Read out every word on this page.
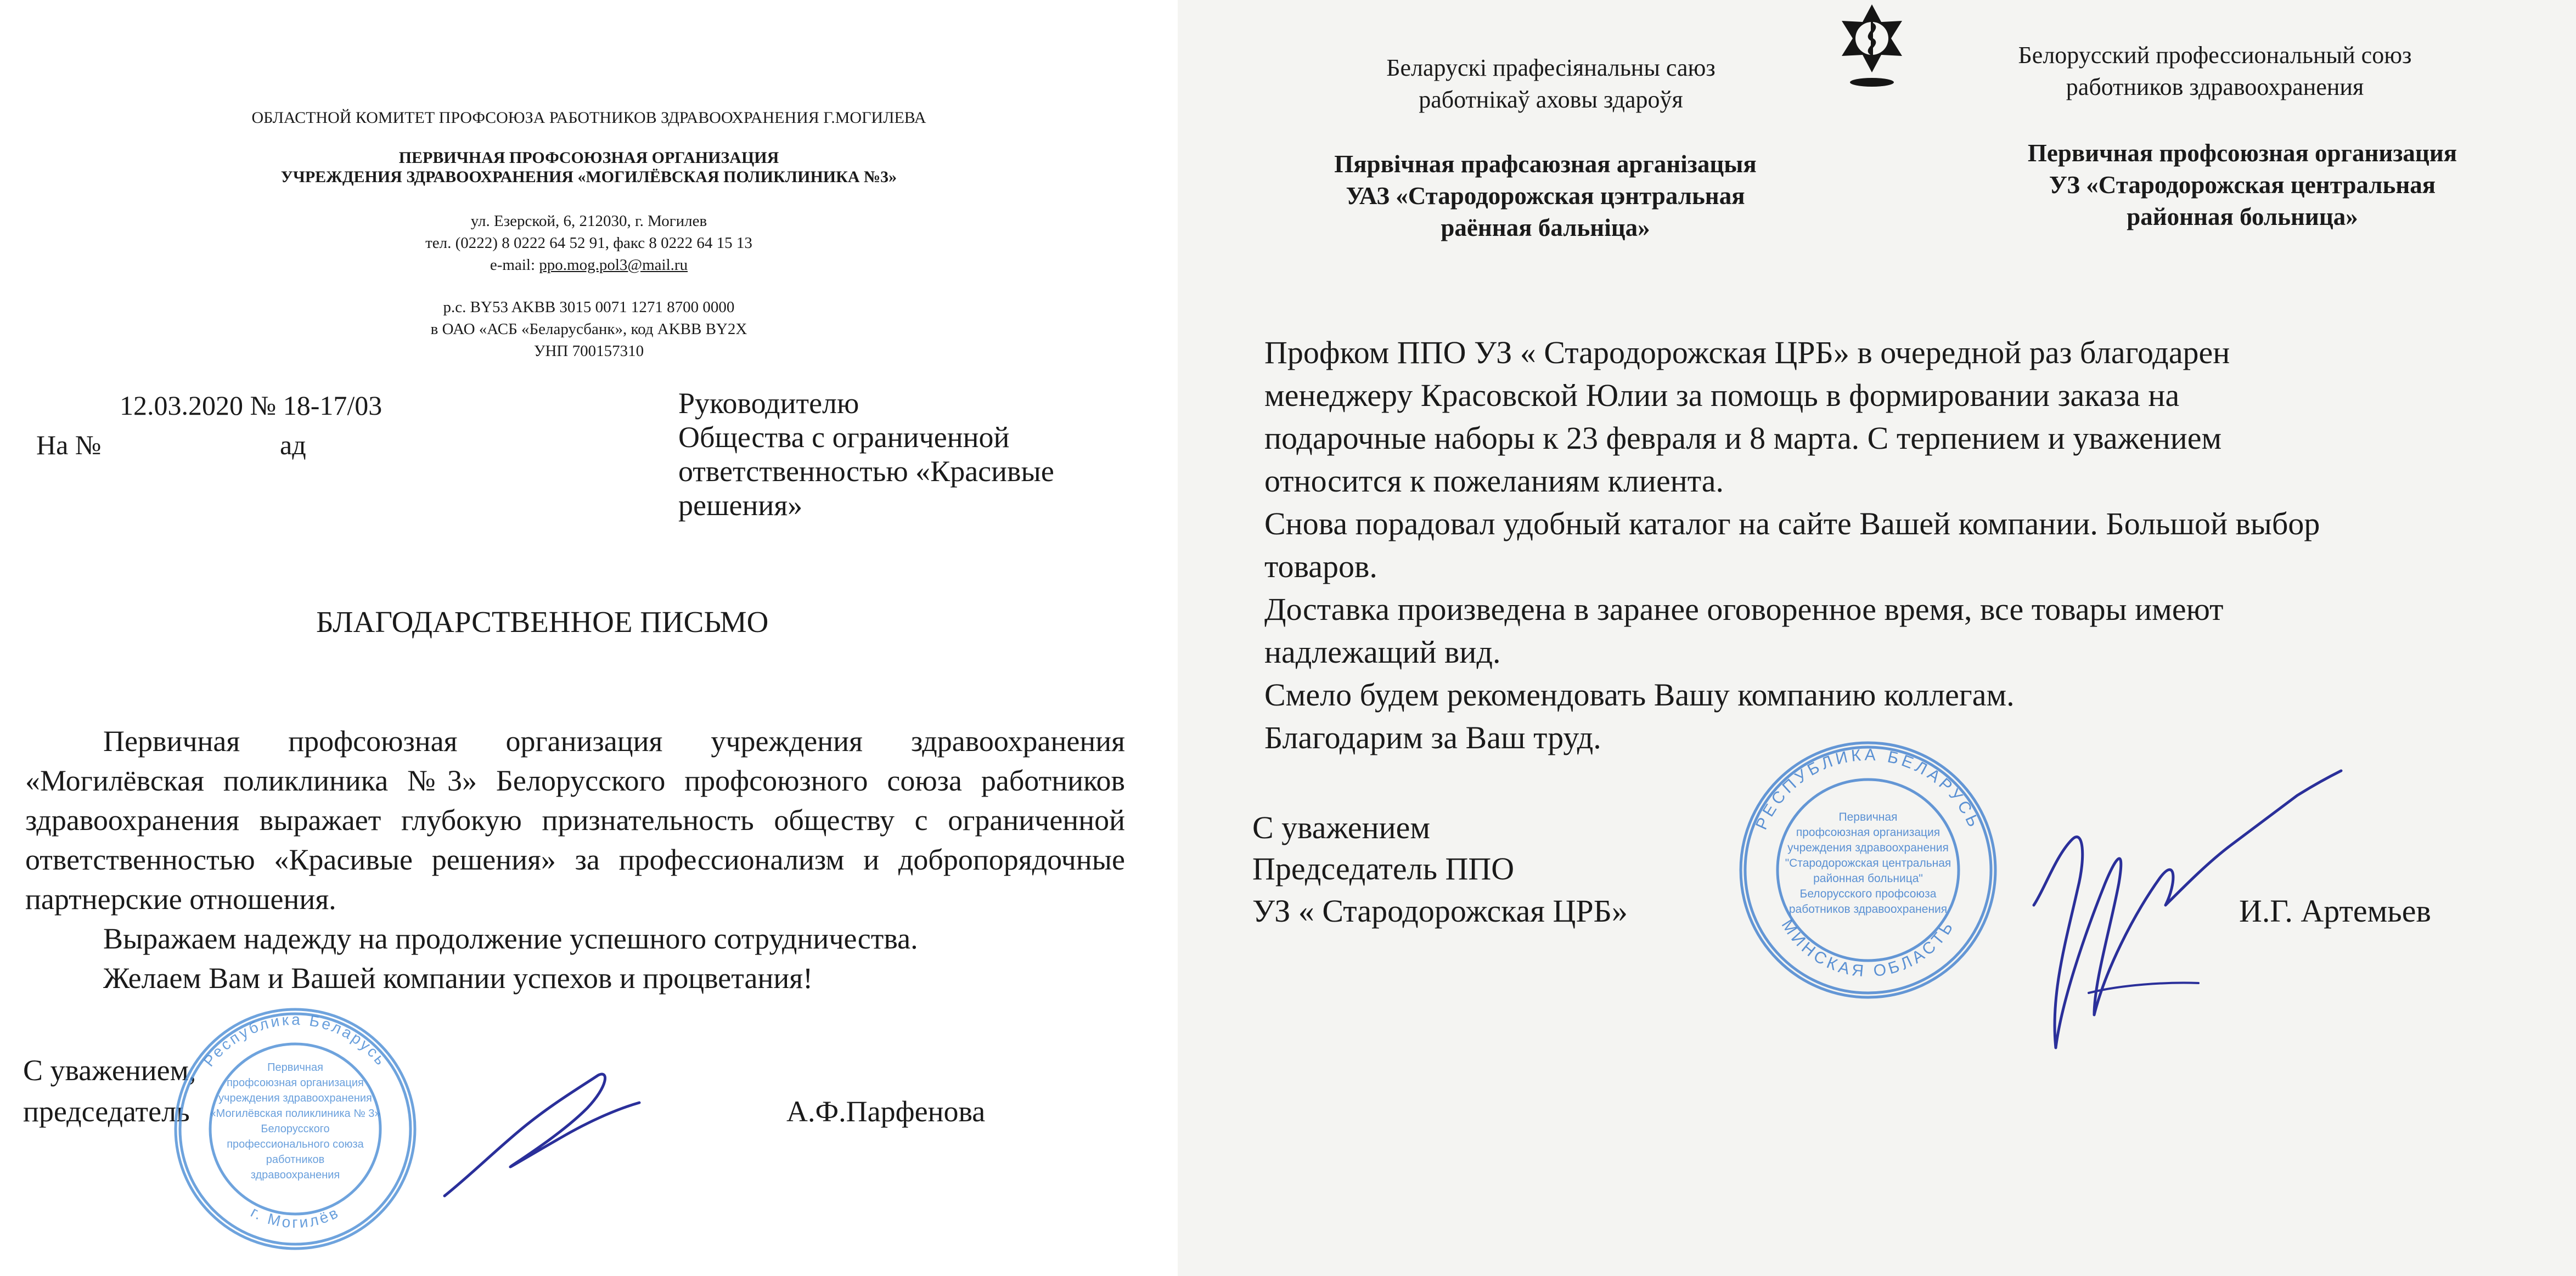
ОБЛАСТНОЙ КОМИТЕТ ПРОФСОЮЗА РАБОТНИКОВ ЗДРАВООХРАНЕНИЯ Г.МОГИЛЕВА
ПЕРВИЧНАЯ ПРОФСОЮЗНАЯ ОРГАНИЗАЦИЯ
УЧРЕЖДЕНИЯ ЗДРАВООХРАНЕНИЯ «МОГИЛЁВСКАЯ ПОЛИКЛИНИКА №3»
ул. Езерской, 6, 212030, г. Могилев
тел. (0222) 8 0222 64 52 91, факс 8 0222 64 15 13
e-mail: ppo.mog.pol3@mail.ru
р.с. BY53 AKBB 3015 0071 1271 8700 0000
в ОАО «АСБ «Беларусбанк», код AKBB BY2X
УНП 700157310
12.03.2020 № 18-17/03
На №	ад
Руководителю
Общества с ограниченной
ответственностью «Красивые
решения»
БЛАГОДАРСТВЕННОЕ ПИСЬМО
Первичная профсоюзная организация учреждения здравоохранения «Могилёвская поликлиника №3» Белорусского профсоюзного союза работников здравоохранения выражает глубокую признательность обществу с ограниченной ответственностью «Красивые решения» за профессионализм и добропорядочные партнерские отношения.
Выражаем надежду на продолжение успешного сотрудничества.
Желаем Вам и Вашей компании успехов и процветания!
С уважением,
председатель	А.Ф.Парфенова
Республика Беларусь
г. Могилёв
Первичная
профсоюзная организация
учреждения здравоохранения
«Могилёвская поликлиника № 3»
Белорусского
профессионального союза
работников
здравоохранения
Беларускі прафесіянальны саюз
работнікаў аховы здароўя
Белорусский профессиональный союз
работников здравоохранения
Пярвічная прафсаюзная арганізацыя
УАЗ «Стародорожская цэнтральная
раённая бальніца»
Первичная профсоюзная организация
УЗ «Стародорожская центральная
районная больница»
Профком ППО УЗ « Стародорожская ЦРБ» в очередной раз благодарен
менеджеру Красовской Юлии за помощь в формировании заказа на
подарочные наборы к 23 февраля и 8 марта. С терпением и уважением
относится к пожеланиям клиента.
Снова порадовал удобный каталог на сайте Вашей компании. Большой выбор
товаров.
Доставка произведена в заранее оговоренное время, все товары имеют
надлежащий вид.
Смело будем рекомендовать Вашу компанию коллегам.
Благодарим за Ваш труд.
С уважением
Председатель ППО
УЗ « Стародорожская ЦРБ»	И.Г. Артемьев
РЕСПУБЛИКА БЕЛАРУСЬ
МИНСКАЯ ОБЛАСТЬ
Первичная
профсоюзная организация
учреждения здравоохранения
"Стародорожская центральная
районная больница"
Белорусского профсоюза
работников здравоохранения
